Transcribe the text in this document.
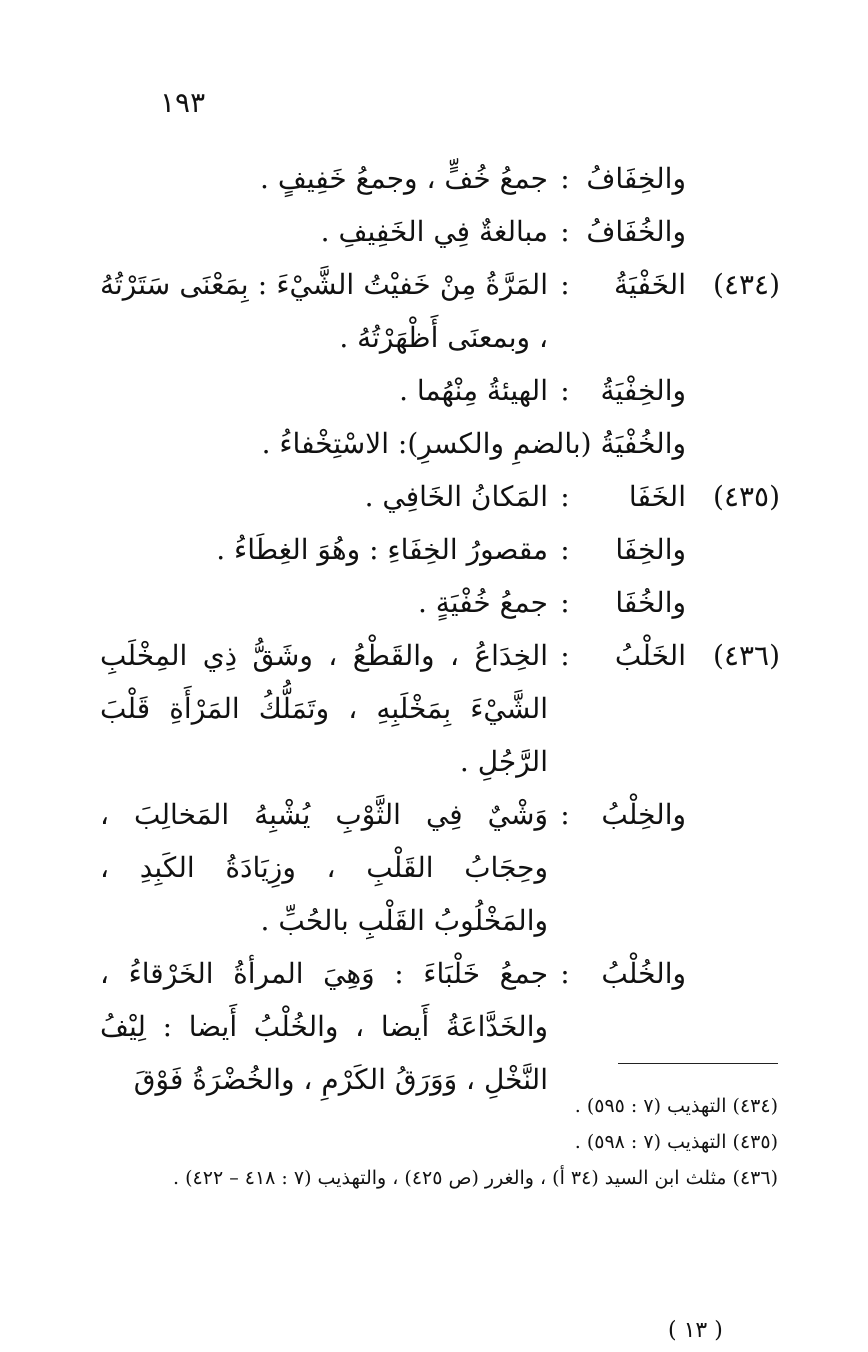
١٩٣
والخِفَافُ
:
جمعُ خُفٍّ ، وجمعُ خَفِيفٍ .
والخُفَافُ
:
مبالغةٌ فِي الخَفِيفِ .
(٤٣٤)
الخَفْيَةُ
:
المَرَّةُ مِنْ خَفيْتُ الشَّيْءَ : بِمَعْنَى سَتَرْتُهُ ، وبمعنَى أَظْهَرْتُهُ .
والخِفْيَةُ
:
الهيئةُ مِنْهُما .
والخُفْيَةُ (بالضمِ والكسرِ): الاسْتِخْفاءُ .
(٤٣٥)
الخَفَا
:
المَكانُ الخَافِي .
والخِفَا
:
مقصورُ الخِفَاءِ : وهُوَ الغِطَاءُ .
والخُفَا
:
جمعُ خُفْيَةٍ .
(٤٣٦)
الخَلْبُ
:
الخِدَاعُ ، والقَطْعُ ، وشَقُّ ذِي المِخْلَبِ الشَّيْءَ بِمَخْلَبِهِ ، وتَمَلُّكُ المَرْأَةِ قَلْبَ الرَّجُلِ .
والخِلْبُ
:
وَشْيٌ فِي الثَّوْبِ يُشْبِهُ المَخالِبَ ، وحِجَابُ القَلْبِ ، وزِيَادَةُ الكَبِدِ ، والمَخْلُوبُ القَلْبِ بالحُبِّ .
والخُلْبُ
:
جمعُ خَلْبَاءَ : وَهِيَ المرأةُ الخَرْقاءُ ، والخَدَّاعَةُ أَيضا ، والخُلْبُ أَيضا : لِيْفُ النَّخْلِ ، وَوَرَقُ الكَرْمِ ، والخُضْرَةُ فَوْقَ

(٤٣٤) التهذيب (٧ : ٥٩٥) .

(٤٣٥) التهذيب (٧ : ٥٩٨) .

(٤٣٦) مثلث ابن السيد (٣٤ أ) ، والغرر (ص ٤٢٥) ، والتهذيب (٧ : ٤١٨ – ٤٢٢) .

( ١٣ )
